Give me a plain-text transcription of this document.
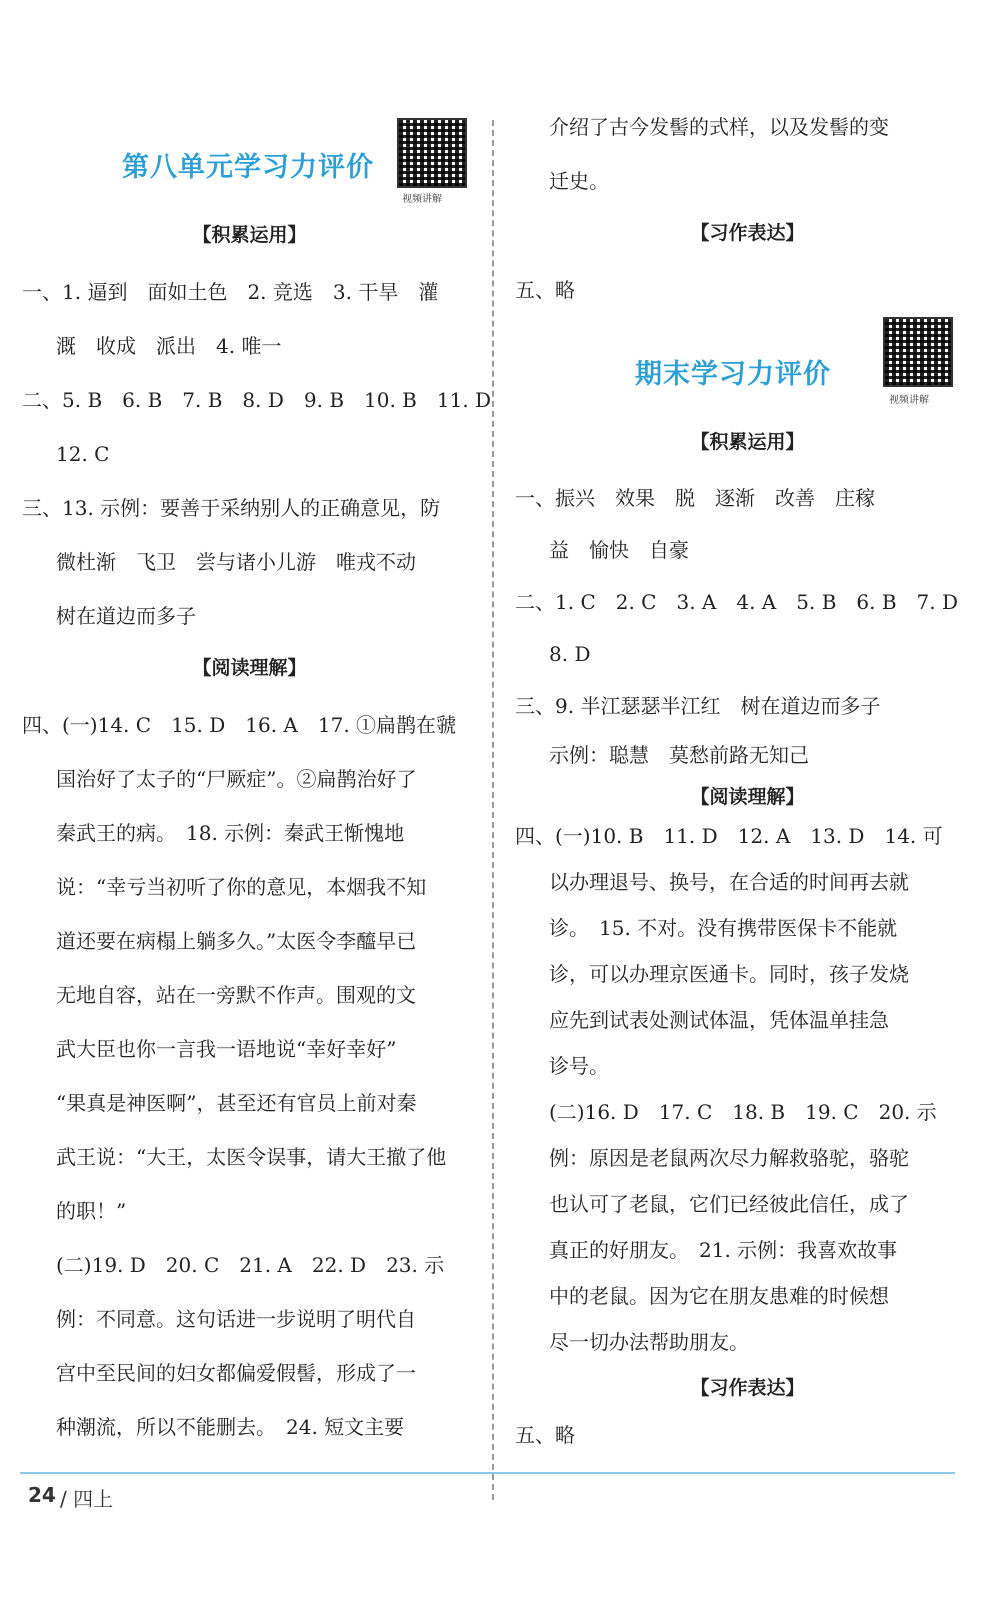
第八单元学习力评价
视频讲解
【积累运用】
一、1. 逼到　面如土色　2. 竞选　3. 干旱　灌
溉　收成　派出　4. 唯一
二、5. B　6. B　7. B　8. D　9. B　10. B　11. D
12. C
三、13. 示例：要善于采纳别人的正确意见，防
微杜渐　飞卫　尝与诸小儿游　唯戎不动
树在道边而多子
【阅读理解】
四、(一)14. C　15. D　16. A　17. ①扁鹊在虢
国治好了太子的“尸厥症”。②扁鹊治好了
秦武王的病。　18. 示例：秦武王惭愧地
说：“幸亏当初听了你的意见，本烟我不知
道还要在病榻上躺多久。”太医令李醯早已
无地自容，站在一旁默不作声。围观的文
武大臣也你一言我一语地说“幸好幸好”
“果真是神医啊”，甚至还有官员上前对秦
武王说：“大王，太医令误事，请大王撤了他
的职！”
(二)19. D　20. C　21. A　22. D　23. 示
例：不同意。这句话进一步说明了明代自
宫中至民间的妇女都偏爱假髻，形成了一
种潮流，所以不能删去。　24. 短文主要
介绍了古今发髻的式样，以及发髻的变
迁史。
【习作表达】
五、略
期末学习力评价
视频讲解
【积累运用】
一、振兴　效果　脱　逐渐　改善　庄稼
益　愉快　自豪
二、1. C　2. C　3. A　4. A　5. B　6. B　7. D
8. D
三、9. 半江瑟瑟半江红　树在道边而多子
示例：聪慧　莫愁前路无知己
【阅读理解】
四、(一)10. B　11. D　12. A　13. D　14. 可
以办理退号、换号，在合适的时间再去就
诊。　15. 不对。没有携带医保卡不能就
诊，可以办理京医通卡。同时，孩子发烧
应先到试表处测试体温，凭体温单挂急
诊号。
(二)16. D　17. C　18. B　19. C　20. 示
例：原因是老鼠两次尽力解救骆驼，骆驼
也认可了老鼠，它们已经彼此信任，成了
真正的好朋友。　21. 示例：我喜欢故事
中的老鼠。因为它在朋友患难的时候想
尽一切办法帮助朋友。
【习作表达】
五、略
24 / 四上
